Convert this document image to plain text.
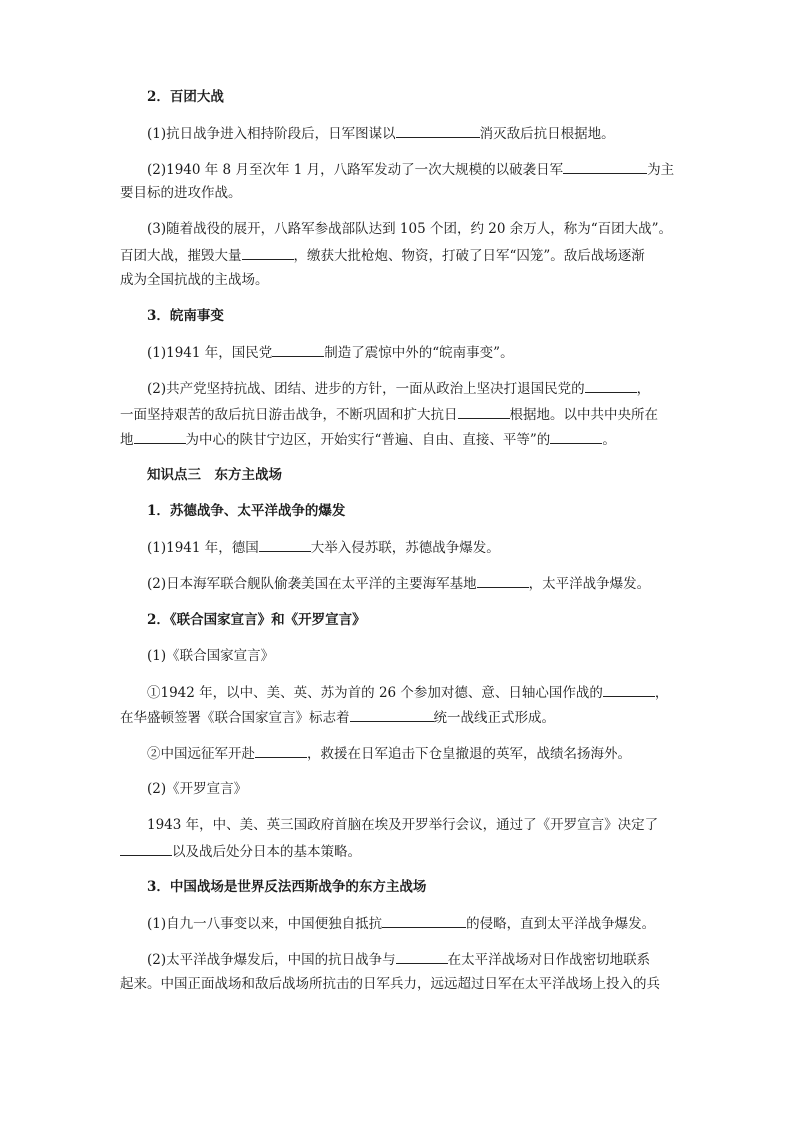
2．百团大战
(1)抗日战争进入相持阶段后，日军图谋以	消灭敌后抗日根据地。
(2)1940 年 8 月至次年 1 月，八路军发动了一次大规模的以破袭日军	为主
要目标的进攻作战。
(3)随着战役的展开，八路军参战部队达到 105 个团，约 20 余万人，称为“百团大战”。
百团大战，摧毁大量	，缴获大批枪炮、物资，打破了日军“囚笼”。敌后战场逐渐
成为全国抗战的主战场。
3．皖南事变
(1)1941 年，国民党	制造了震惊中外的“皖南事变”。
(2)共产党坚持抗战、团结、进步的方针，一面从政治上坚决打退国民党的	，
一面坚持艰苦的敌后抗日游击战争，不断巩固和扩大抗日	根据地。以中共中央所在
地	为中心的陕甘宁边区，开始实行“普遍、自由、直接、平等”的	。
知识点三　东方主战场
1．苏德战争、太平洋战争的爆发
(1)1941 年，德国	大举入侵苏联，苏德战争爆发。
(2)日本海军联合舰队偷袭美国在太平洋的主要海军基地	，太平洋战争爆发。
2．《联合国家宣言》和《开罗宣言》
(1)《联合国家宣言》
①1942 年，以中、美、英、苏为首的 26 个参加对德、意、日轴心国作战的	，
在华盛顿签署《联合国家宣言》标志着	统一战线正式形成。
②中国远征军开赴	，救援在日军追击下仓皇撤退的英军，战绩名扬海外。
(2)《开罗宣言》
1943 年，中、美、英三国政府首脑在埃及开罗举行会议，通过了《开罗宣言》决定了
以及战后处分日本的基本策略。
3．中国战场是世界反法西斯战争的东方主战场
(1)自九一八事变以来，中国便独自抵抗	的侵略，直到太平洋战争爆发。
(2)太平洋战争爆发后，中国的抗日战争与	在太平洋战场对日作战密切地联系
起来。中国正面战场和敌后战场所抗击的日军兵力，远远超过日军在太平洋战场上投入的兵
